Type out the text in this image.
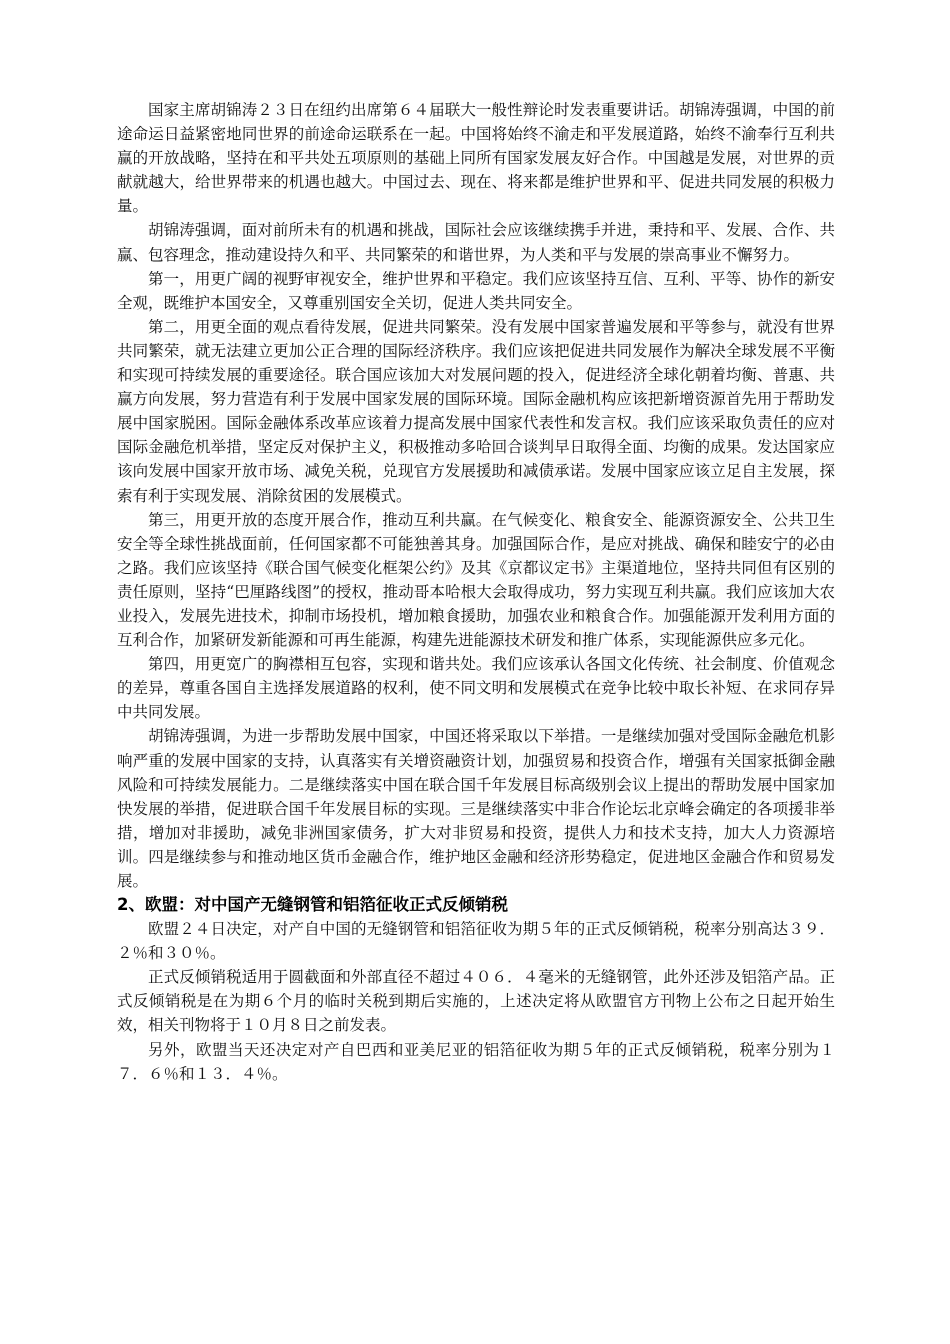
国家主席胡锦涛２３日在纽约出席第６４届联大一般性辩论时发表重要讲话。胡锦涛强调，中国的前途命运日益紧密地同世界的前途命运联系在一起。中国将始终不渝走和平发展道路，始终不渝奉行互利共赢的开放战略，坚持在和平共处五项原则的基础上同所有国家发展友好合作。中国越是发展，对世界的贡献就越大，给世界带来的机遇也越大。中国过去、现在、将来都是维护世界和平、促进共同发展的积极力量。

胡锦涛强调，面对前所未有的机遇和挑战，国际社会应该继续携手并进，秉持和平、发展、合作、共赢、包容理念，推动建设持久和平、共同繁荣的和谐世界，为人类和平与发展的崇高事业不懈努力。

第一，用更广阔的视野审视安全，维护世界和平稳定。我们应该坚持互信、互利、平等、协作的新安全观，既维护本国安全，又尊重别国安全关切，促进人类共同安全。

第二，用更全面的观点看待发展，促进共同繁荣。没有发展中国家普遍发展和平等参与，就没有世界共同繁荣，就无法建立更加公正合理的国际经济秩序。我们应该把促进共同发展作为解决全球发展不平衡和实现可持续发展的重要途径。联合国应该加大对发展问题的投入，促进经济全球化朝着均衡、普惠、共赢方向发展，努力营造有利于发展中国家发展的国际环境。国际金融机构应该把新增资源首先用于帮助发展中国家脱困。国际金融体系改革应该着力提高发展中国家代表性和发言权。我们应该采取负责任的应对国际金融危机举措，坚定反对保护主义，积极推动多哈回合谈判早日取得全面、均衡的成果。发达国家应该向发展中国家开放市场、减免关税，兑现官方发展援助和减债承诺。发展中国家应该立足自主发展，探索有利于实现发展、消除贫困的发展模式。

第三，用更开放的态度开展合作，推动互利共赢。在气候变化、粮食安全、能源资源安全、公共卫生安全等全球性挑战面前，任何国家都不可能独善其身。加强国际合作，是应对挑战、确保和睦安宁的必由之路。我们应该坚持《联合国气候变化框架公约》及其《京都议定书》主渠道地位，坚持共同但有区别的责任原则，坚持“巴厘路线图”的授权，推动哥本哈根大会取得成功，努力实现互利共赢。我们应该加大农业投入，发展先进技术，抑制市场投机，增加粮食援助，加强农业和粮食合作。加强能源开发利用方面的互利合作，加紧研发新能源和可再生能源，构建先进能源技术研发和推广体系，实现能源供应多元化。

第四，用更宽广的胸襟相互包容，实现和谐共处。我们应该承认各国文化传统、社会制度、价值观念的差异，尊重各国自主选择发展道路的权利，使不同文明和发展模式在竞争比较中取长补短、在求同存异中共同发展。

胡锦涛强调，为进一步帮助发展中国家，中国还将采取以下举措。一是继续加强对受国际金融危机影响严重的发展中国家的支持，认真落实有关增资融资计划，加强贸易和投资合作，增强有关国家抵御金融风险和可持续发展能力。二是继续落实中国在联合国千年发展目标高级别会议上提出的帮助发展中国家加快发展的举措，促进联合国千年发展目标的实现。三是继续落实中非合作论坛北京峰会确定的各项援非举措，增加对非援助，减免非洲国家债务，扩大对非贸易和投资，提供人力和技术支持，加大人力资源培训。四是继续参与和推动地区货币金融合作，维护地区金融和经济形势稳定，促进地区金融合作和贸易发展。

2、欧盟：对中国产无缝钢管和铝箔征收正式反倾销税

欧盟２４日决定，对产自中国的无缝钢管和铝箔征收为期５年的正式反倾销税，税率分别高达３９．２％和３０％。

正式反倾销税适用于圆截面和外部直径不超过４０６．４毫米的无缝钢管，此外还涉及铝箔产品。正式反倾销税是在为期６个月的临时关税到期后实施的，上述决定将从欧盟官方刊物上公布之日起开始生效，相关刊物将于１０月８日之前发表。

另外，欧盟当天还决定对产自巴西和亚美尼亚的铝箔征收为期５年的正式反倾销税，税率分别为１７．６％和１３．４％。
